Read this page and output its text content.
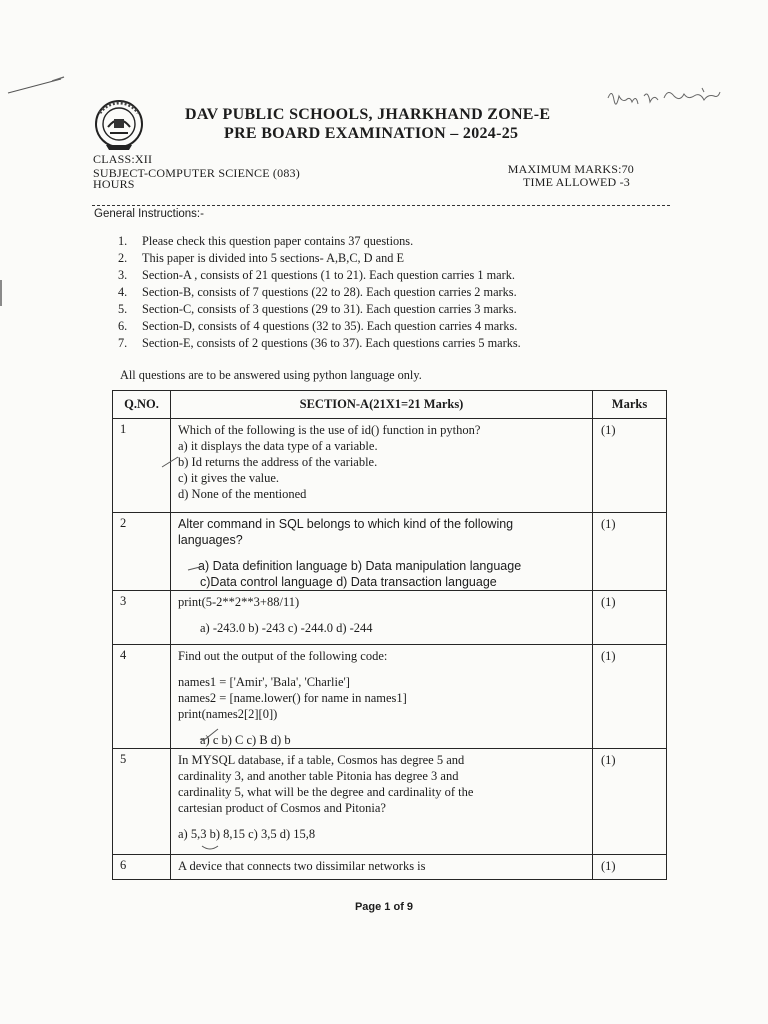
DAV PUBLIC SCHOOLS, JHARKHAND ZONE-E
PRE BOARD EXAMINATION – 2024-25
CLASS:XII
SUBJECT-COMPUTER SCIENCE (083)
HOURS
MAXIMUM MARKS:70
TIME ALLOWED -3
General Instructions:-
1.	Please check this question paper contains 37 questions.
2.	This paper is divided into 5 sections- A,B,C, D and E
3.	Section-A , consists of 21 questions (1 to 21). Each question carries 1 mark.
4.	Section-B, consists of 7 questions (22 to 28). Each question carries 2 marks.
5.	Section-C, consists of 3 questions (29 to 31). Each question carries 3 marks.
6.	Section-D, consists of 4 questions (32 to 35). Each question carries 4 marks.
7.	Section-E, consists of 2 questions (36 to 37). Each questions carries 5 marks.
All questions are to be answered using python language only.
Q.NO.	SECTION-A(21X1=21 Marks)	Marks
1	Which of the following is the use of id() function in python?
a) it displays the data type of a variable.
b) Id returns the address of the variable.
c) it gives the value.
d) None of the mentioned	(1)
2	Alter command in SQL belongs to which kind of the following
languages?
a) Data definition language b) Data manipulation language
c)Data control language d) Data transaction language	(1)
3	print(5-2**2**3+88/11)
a) -243.0 b) -243 c) -244.0 d) -244	(1)
4	Find out the output of the following code:
names1 = ['Amir', 'Bala', 'Charlie']
names2 = [name.lower() for name in names1]
print(names2[2][0])
a) c b) C c) B d) b	(1)
5	In MYSQL database, if a table, Cosmos has degree 5 and
cardinality 3, and another table Pitonia has degree 3 and
cardinality 5, what will be the degree and cardinality of the
cartesian product of Cosmos and Pitonia?
a) 5,3 b) 8,15 c) 3,5 d) 15,8	(1)
6	A device that connects two dissimilar networks is	(1)
Page 1 of 9
